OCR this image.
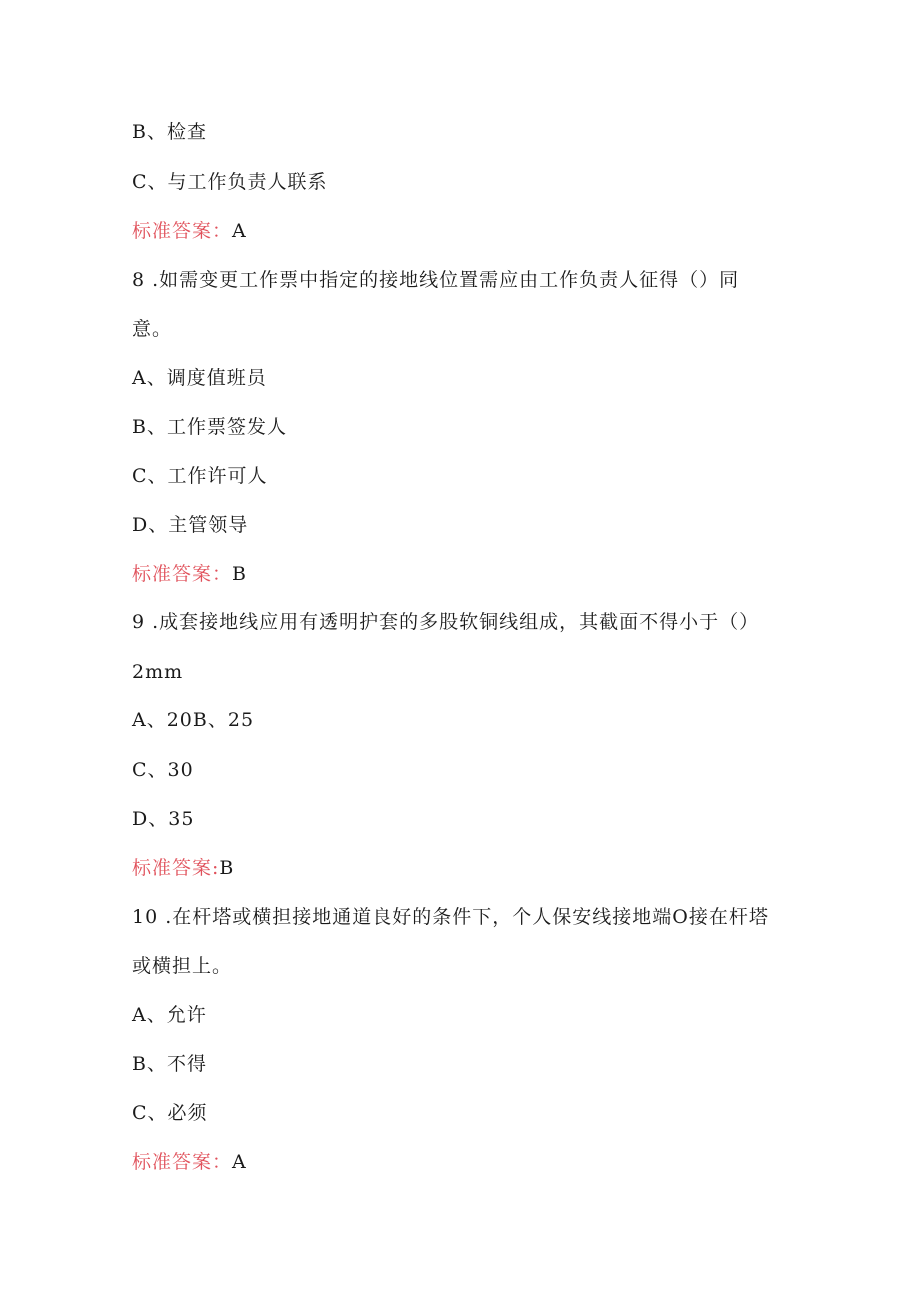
B、检查
C、与工作负责人联系
标准答案：A
8 .如需变更工作票中指定的接地线位置需应由工作负责人征得（）同
意。
A、调度值班员
B、工作票签发人
C、工作许可人
D、主管领导
标准答案：B
9 .成套接地线应用有透明护套的多股软铜线组成，其截面不得小于（）
2mm
A、20B、25
C、30
D、35
标准答案:B
10 .在杆塔或横担接地通道良好的条件下，个人保安线接地端O接在杆塔
或横担上。
A、允许
B、不得
C、必须
标准答案：A
